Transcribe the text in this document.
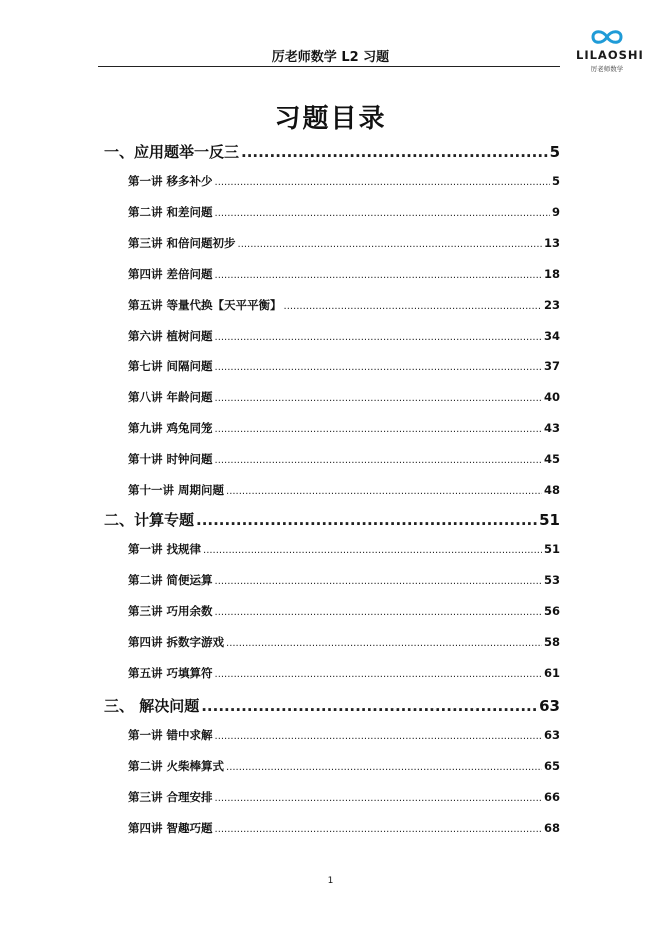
厉老师数学 L2 习题	LILAOSHI
厉老师数学
习题目录
一、应用题举一反三 .....	5
第一讲 移多补少 .....	5
第二讲 和差问题 .....	9
第三讲 和倍问题初步 .....	13
第四讲 差倍问题 .....	18
第五讲 等量代换【天平平衡】 .....	23
第六讲 植树问题 .....	34
第七讲 间隔问题 .....	37
第八讲 年龄问题 .....	40
第九讲 鸡兔同笼 .....	43
第十讲 时钟问题 .....	45
第十一讲 周期问题 .....	48
二、计算专题 .....	51
第一讲 找规律 .....	51
第二讲 简便运算 .....	53
第三讲 巧用余数 .....	56
第四讲 拆数字游戏 .....	58
第五讲 巧填算符 .....	61
三、 解决问题 .....	63
第一讲 错中求解 .....	63
第二讲 火柴棒算式 .....	65
第三讲 合理安排 .....	66
第四讲 智趣巧题 .....	68
1
